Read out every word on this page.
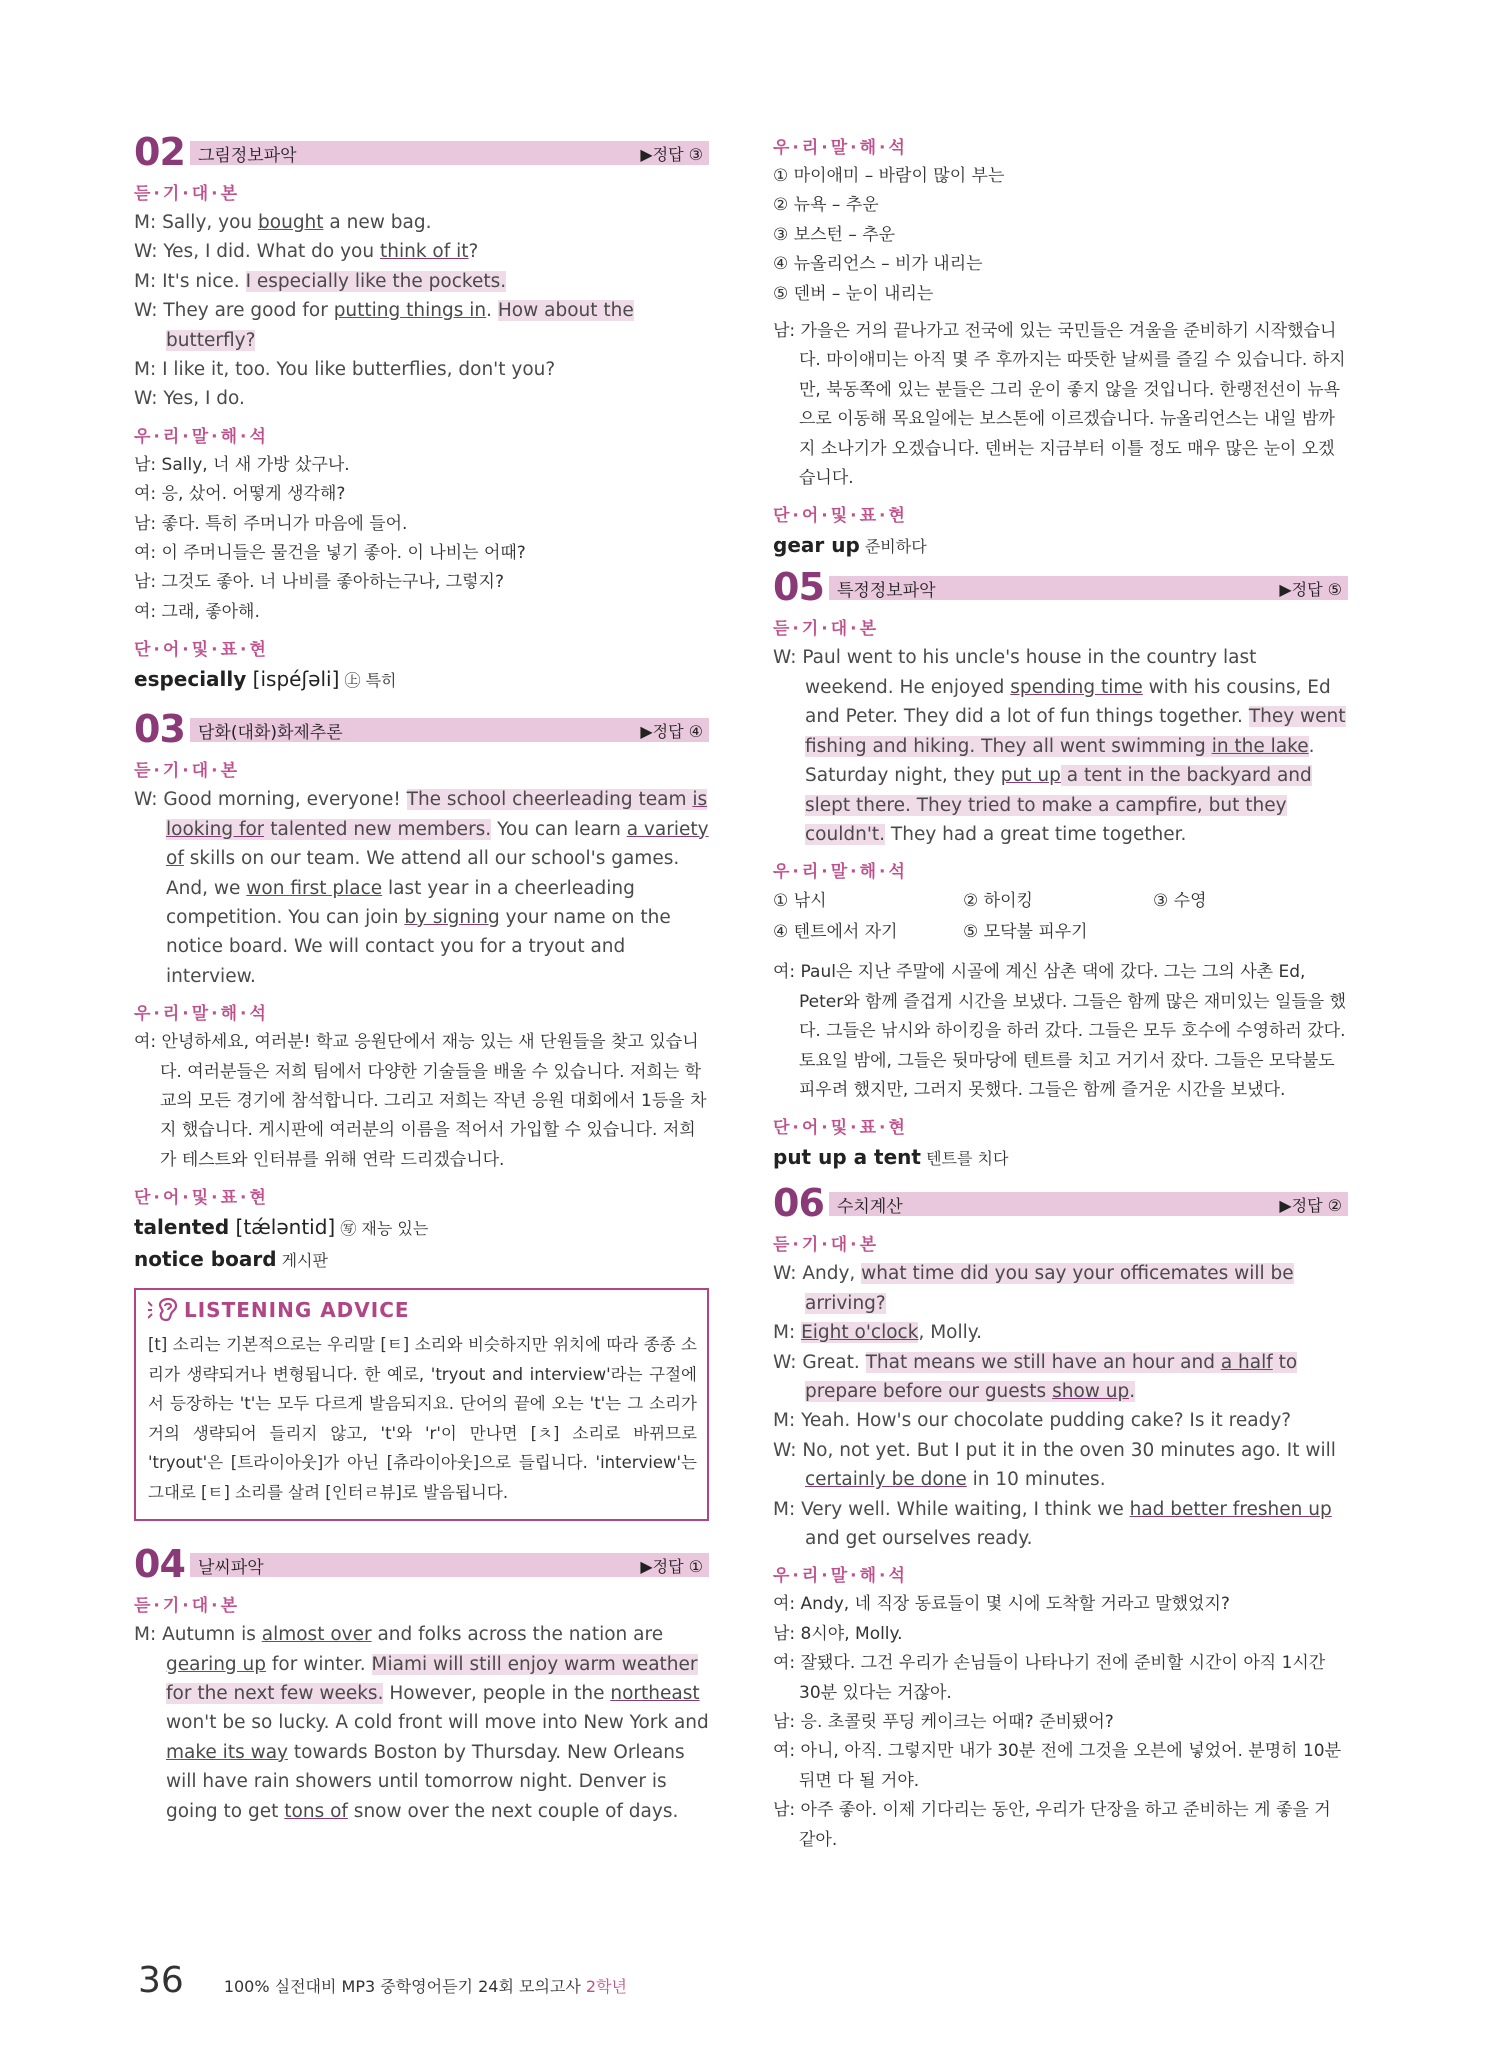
02 그림정보파악	▶정답 ③
듣·기·대·본
M: Sally, you bought a new bag.
W: Yes, I did. What do you think of it?
M: It's nice. I especially like the pockets.
W: They are good for putting things in. How about the butterfly?
M: I like it, too. You like butterflies, don't you?
W: Yes, I do.
우·리·말·해·석
남: Sally, 너 새 가방 샀구나.
여: 응, 샀어. 어떻게 생각해?
남: 좋다. 특히 주머니가 마음에 들어.
여: 이 주머니들은 물건을 넣기 좋아. 이 나비는 어때?
남: 그것도 좋아. 너 나비를 좋아하는구나, 그렇지?
여: 그래, 좋아해.
단·어·및·표·현
especially [ispéʃəli] ㊤ 특히
03 담화(대화)화제추론	▶정답 ④
듣·기·대·본
W: Good morning, everyone! The school cheerleading team is looking for talented new members. You can learn a variety of skills on our team. We attend all our school's games. And, we won first place last year in a cheerleading competition. You can join by signing your name on the notice board. We will contact you for a tryout and interview.
우·리·말·해·석
여: 안녕하세요, 여러분! 학교 응원단에서 재능 있는 새 단원들을 찾고 있습니다. 여러분들은 저희 팀에서 다양한 기술들을 배울 수 있습니다. 저희는 학교의 모든 경기에 참석합니다. 그리고 저희는 작년 응원 대회에서 1등을 차지 했습니다. 게시판에 여러분의 이름을 적어서 가입할 수 있습니다. 저희가 테스트와 인터뷰를 위해 연락 드리겠습니다.
단·어·및·표·현
talented [tǽləntid] ㊢ 재능 있는
notice board 게시판
LISTENING ADVICE

[t] 소리는 기본적으로는 우리말 [ㅌ] 소리와 비슷하지만 위치에 따라 종종 소리가 생략되거나 변형됩니다. 한 예로, 'tryout and interview'라는 구절에서 등장하는 't'는 모두 다르게 발음되지요. 단어의 끝에 오는 't'는 그 소리가 거의 생략되어 들리지 않고, 't'와 'r'이 만나면 [ㅊ] 소리로 바뀌므로 'tryout'은 [트라이아웃]가 아닌 [츄라이아웃]으로 들립니다. 'interview'는 그대로 [ㅌ] 소리를 살려 [인터ㄹ뷰]로 발음됩니다.

04 날씨파악	▶정답 ①
듣·기·대·본
M: Autumn is almost over and folks across the nation are gearing up for winter. Miami will still enjoy warm weather for the next few weeks. However, people in the northeast won't be so lucky. A cold front will move into New York and make its way towards Boston by Thursday. New Orleans will have rain showers until tomorrow night. Denver is going to get tons of snow over the next couple of days.
우·리·말·해·석
① 마이애미 – 바람이 많이 부는
② 뉴욕 – 추운
③ 보스턴 – 추운
④ 뉴올리언스 – 비가 내리는
⑤ 덴버 – 눈이 내리는
남: 가을은 거의 끝나가고 전국에 있는 국민들은 겨울을 준비하기 시작했습니다. 마이애미는 아직 몇 주 후까지는 따뜻한 날씨를 즐길 수 있습니다. 하지만, 북동쪽에 있는 분들은 그리 운이 좋지 않을 것입니다. 한랭전선이 뉴욕으로 이동해 목요일에는 보스톤에 이르겠습니다. 뉴올리언스는 내일 밤까지 소나기가 오겠습니다. 덴버는 지금부터 이틀 정도 매우 많은 눈이 오겠습니다.
단·어·및·표·현
gear up 준비하다
05 특정정보파악	▶정답 ⑤
듣·기·대·본
W: Paul went to his uncle's house in the country last weekend. He enjoyed spending time with his cousins, Ed and Peter. They did a lot of fun things together. They went fishing and hiking. They all went swimming in the lake. Saturday night, they put up a tent in the backyard and slept there. They tried to make a campfire, but they couldn't. They had a great time together.
우·리·말·해·석
① 낚시	② 하이킹	③ 수영
④ 텐트에서 자기	⑤ 모닥불 피우기
여: Paul은 지난 주말에 시골에 계신 삼촌 댁에 갔다. 그는 그의 사촌 Ed, Peter와 함께 즐겁게 시간을 보냈다. 그들은 함께 많은 재미있는 일들을 했다. 그들은 낚시와 하이킹을 하러 갔다. 그들은 모두 호수에 수영하러 갔다. 토요일 밤에, 그들은 뒷마당에 텐트를 치고 거기서 잤다. 그들은 모닥불도 피우려 했지만, 그러지 못했다. 그들은 함께 즐거운 시간을 보냈다.
단·어·및·표·현
put up a tent 텐트를 치다
06 수치계산	▶정답 ②
듣·기·대·본
W: Andy, what time did you say your officemates will be arriving?
M: Eight o'clock, Molly.
W: Great. That means we still have an hour and a half to prepare before our guests show up.
M: Yeah. How's our chocolate pudding cake? Is it ready?
W: No, not yet. But I put it in the oven 30 minutes ago. It will certainly be done in 10 minutes.
M: Very well. While waiting, I think we had better freshen up and get ourselves ready.
우·리·말·해·석
여: Andy, 네 직장 동료들이 몇 시에 도착할 거라고 말했었지?
남: 8시야, Molly.
여: 잘됐다. 그건 우리가 손님들이 나타나기 전에 준비할 시간이 아직 1시간 30분 있다는 거잖아.
남: 응. 초콜릿 푸딩 케이크는 어때? 준비됐어?
여: 아니, 아직. 그렇지만 내가 30분 전에 그것을 오븐에 넣었어. 분명히 10분 뒤면 다 될 거야.
남: 아주 좋아. 이제 기다리는 동안, 우리가 단장을 하고 준비하는 게 좋을 거 같아.
36	100% 실전대비 MP3 중학영어듣기 24회 모의고사 2학년
